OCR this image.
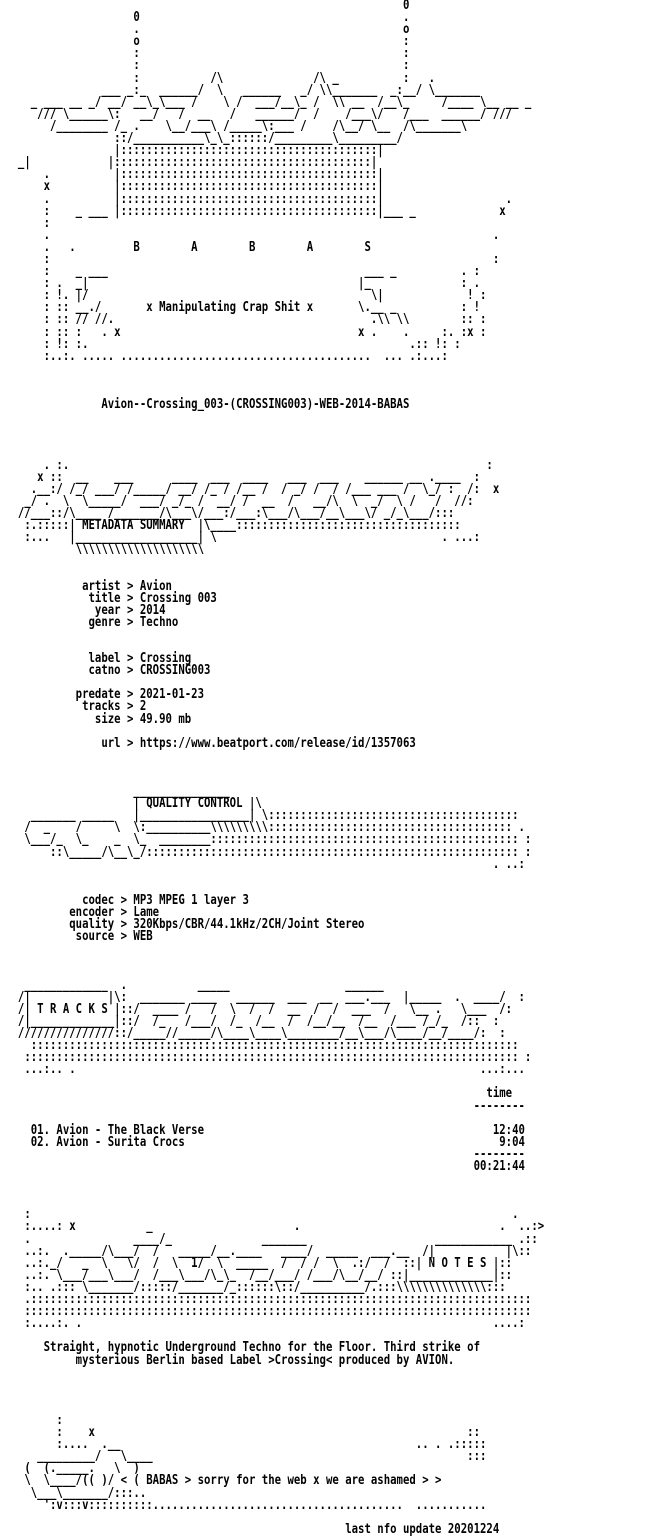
0
0                                         .
.                                         o
o                                         :
:                                         :
:                                         :
:           /\              /\ _          :   .
___ _:_  ______/  \   ______   _/ \\_______  _:__/ \_______
_ ___ __ _/ __/ __\_\___ /    \ /  ___/__\_ /  \\ __  /__\_     /____ \__ __ _
/// \______\:   __/   /  __   /   ______/  /    /___\/   /___  ______/ ///
/________ /_ .    \__/___\ /_____\:___ /    /\__/ \__  /\_______\
::/___________\_\_::::::/_________\_________/
|::::::::::::::::::::::::::::::::::::::::|
_|            |::::::::::::::::::::::::::::::::::::::::|
.          |::::::::::::::::::::::::::::::::::::::::|
x          |::::::::::::::::::::::::::::::::::::::::|
.          |::::::::::::::::::::::::::::::::::::::::|                   .
:    _ ___ |::::::::::::::::::::::::::::::::::::::::|___ _             x
:
.                                                                     .
.   .         B        A        B        A        S
:                                                                     :
:    _ ___                                        ___ _          . :
: .  _|                                          |_              : .
: !. |/                                            \|             ! :
: :: __./       x Manipulating Crap Shit x       \.__ _          : !
: :: // //.                                        .\\ \\        :: :
: :: :   . x                                     x .    .     :. :x :
: !: :.                                                  .:: !: :
:..:. ..... .......................................  ... .:...:

Avion--Crossing_003-(CROSSING003)-WEB-2014-BABAS

. :.                                                                 :
x ::  __    ___      ____  ___  ____   ___  ___    ______ __ .____  :
.__:/ /_/ ___/ /_____/ __/ /_ / /__ /  / _/ /  / /___ ___ /  \_/ :  /:  x
_/ .  \  \_____/  ___/ _/_ /  __/ /  __  /   __/\  \  _/  \ /   /  //:
//___::/\____ /_______/\___\/___:/___:\___/\___/__\___\/ _/_\___/:::
:.:::::| METADATA SUMMARY  |\____:::::::::::::::::::::::::::::::::::
:...   |___________________| \                                   . ...:
\\\\\\\\\\\\\\\\\\\\

artist > Avion
title > Crossing 003
year > 2014
genre > Techno

label > Crossing
catno > CROSSING003

predate > 2021-01-23
tracks > 2
size > 49.90 mb

url > https://www.beatport.com/release/id/1357063

_______________
| QUALITY CONTROL |\
_______ _____   |_________________| \:::::::::::::::::::::::::::::::::::::::
/  _    /     \  \:__________\\\\\\\\\:::::::::::::::::::::::::::::::::::::: .
\___/_  \_    _  \_  ________:::::::::::::::::::::::::::::::::::::::::::::::: :
::\_____/\__\_/:::::::::::::::::::::::::::::::::::::::::::::::::::::::::: :
. ..:

codec > MP3 MPEG 1 layer 3
encoder > Lame
quality > 320Kbps/CBR/44.1kHz/2CH/Joint Stereo
source > WEB

_____________  .           _____                  ______
/|            |\:  _______ ____   ______  ___  __  ___.___  |_____  .  ____/  :
/| T R A C K S |::/  ____ /   /  \  /  /  __  /  /  ___  /   \__ .   \___  /:
/|_____________|::/  /_   /___/  /_  /__  /  /__/__  /__  /___ /_/_  /::  :
///////////////::/_____//_____/\____\____\________/__\___/\____/__/____/:  :
::::::::::::::::::::::::::::::::::::::::::::::::::::::::::::::::::::::::::::
::::::::::::::::::::::::::::::::::::::::::::::::::::::::::::::::::::::::::::: :
...:.. .                                                               ...:...

time
--------

01. Avion - The Black Verse                                             12:40
02. Avion - Surita Crocs                                                 9:04
--------
00:21:44

:                                                                           .
:....: x           _                      .                               .  ..:>
.                ____/_              _______                    ____________ .::
..:.  ._____/\___/  /   _____/__.____   ____/  _____  ___.__  /|           |\::
..:._/   _  \   \/  /  \  1/  \  _____  /  / /  \  .:/  /  ::| N O T E S |::
..:. \___/___\___/  /___\___/\_\_  /__/___/ /___/\__/__/ ::|_____________|::
:.. .::: \_______/:::::/_______/_::::::\::/__________/.:::\\\\\\\\\\\\\\:::
.::::::::::::::::::::::::::::::::::::::::::::::::::::::::::::::::::::::::::::::
:::::::::::::::::::::::::::::::::::::::::::::::::::::::::::::::::::::::::::::::
:....:. .                                                                ....:

Straight, hypnotic Underground Techno for the Floor. Third strike of
mysterious Berlin based Label >Crossing< produced by AVION.

:
:    x                                                          ::
:....  .__                                              .. . .:::::
_________/   \____                                                 :::
(  (._____.   \  )
\  \____/(( )/ < ( BABAS > sorry for the web x we are ashamed > >
\___\_______/:::..
':v:::v::::::::::.......................................  ...........

last nfo update 20201224
